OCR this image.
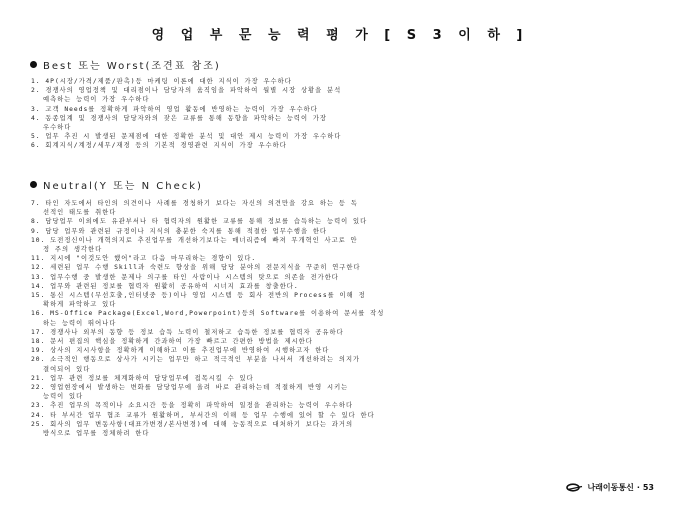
영 업 부 문 능 력 평 가 [ S 3 이 하 ]
Best 또는 Worst(조견표 참조)
1. 4P(시장/가격/제품/판촉)등 마케팅 이론에 대한 지식이 가장 우수하다
2. 경쟁사의 영업정책 및 대리점이나 담당자의 움직임을 파악하여 월별 시장 상황을 분석
예측하는 능력이 가장 우수하다
3. 고객 Needs를 정확하게 파악하여 영업 활동에 반영하는 능력이 가장 우수하다
4. 동종업계 및 경쟁사의 담당자와의 잦은 교류를 통해 동향을 파악하는 능력이 가장
우수하다
5. 업무 추진 시 발생된 문제점에 대한 정확한 분석 및 대안 제시 능력이 가장 우수하다
6. 회계지식/계정/세무/재경 등의 기본적 경영관련 지식이 가장 우수하다
Neutral(Y 또는 N Check)
7. 타인 자도에서 타인의 의견이나 사례를 경청하기 보다는 자신의 의견만을 강요 하는 등 독
선적인 태도를 취한다
8. 담당업무 이외에도 유관부서나 타 협력자의 원활한 교류를 통해 정보를 습득하는 능력이 있다
9. 담당 업무와 관련된 규정이나 지식의 충분한 숙지를 통해 적절한 업무수행을 한다
10. 도전정신이나 개혁의지로 추진업무를 개선하기보다는 매너리즘에 빠져 무개혁인 사고로 안
정 주의 생각한다
11. 지시에 "이것도안 했어"라고 다음 마무리하는 경향이 있다.
12. 세련된 업무 수행 Skill과 숙련도 향상을 위해 담당 분야의 전문지식을 꾸준히 연구한다
13. 업무수행 중 발생한 문제나 의구를 타인 사람이나 시스템의 탓으로 의존을 전가한다
14. 업무와 관련된 정보를 협력자 원활히 공유하여 시너지 효과를 창출한다.
15. 통신 시스템(무선호출,인터넷중 등)이나 영업 시스템 등 회사 전반의 Process를 이해 정
확하게 파악하고 있다
16. MS-Office Package(Excel,Word,Powerpoint)등의 Software를 이용하여 문서를 작성
하는 능력이 뛰어나다
17. 경쟁사나 외부의 동향 등 정보 습득 노력이 철저하고 습득한 정보를 협력자 공유하다
18. 문서 편집의 핵심을 정확하게 간과하여 가장 빠르고 간편한 방법을 제시한다
19. 상사의 지시사항을 정확하게 이해하고 이를 추진업무에 반영하여 시행하고자 한다
20. 소극적인 행동으로 상사가 시키는 업무만 하고 적극적인 부분을 나서서 개선하려는 의지가
결여되어 있다
21. 업무 관련 정보를 체계화하여 담당업무에 접목시킬 수 있다
22. 영업현장에서 발생하는 변화를 담당업무에 올려 바로 관리하는데 적절하게 반영 시키는
능력이 있다
23. 추진 업무의 목적이나 소요시간 등을 정확히 파악하여 일정을 관리하는 능력이 우수하다
24. 타 부서간 업무 협조 교류가 원활하며, 부서간의 이해 등 업무 수행에 있어 할 수 있다 한다
25. 회사의 업무 변동사항(대표가변경/본사변경)에 대해 능동적으로 대처하기 보다는 과거의
방식으로 업무를 정체하려 한다
나래이동통신 · 53
